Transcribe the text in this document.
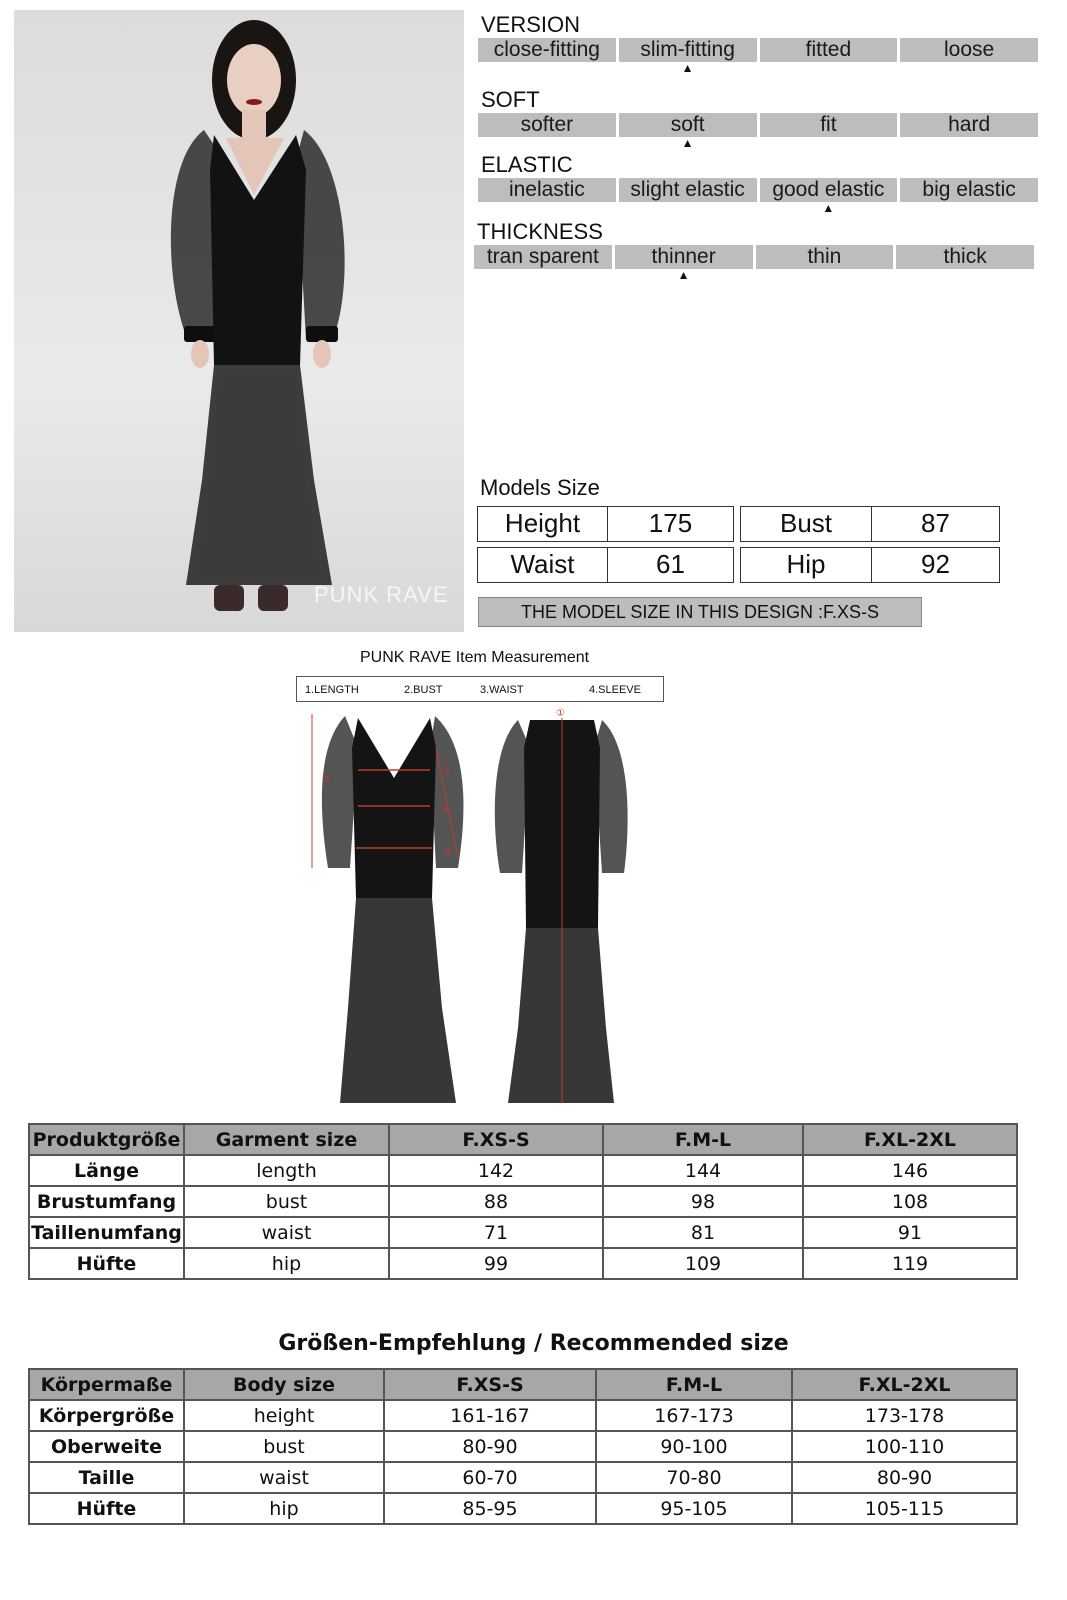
PUNK RAVE
VERSION
close-fitting	slim-fitting	fitted	loose
▲
SOFT
softer	soft	fit	hard
▲
ELASTIC
inelastic	slight elastic	good elastic	big elastic
▲
THICKNESS
tran sparent	thinner	thin	thick
▲
Models Size
Height	175	Bust	87
Waist	61	Hip	92
THE MODEL SIZE IN THIS DESIGN :F.XS-S
PUNK RAVE Item Measurement
1.LENGTH	2.BUST	3.WAIST	4.SLEEVE
⑤
②
③
④
①
Produktgröße	Garment size	F.XS-S	F.M-L	F.XL-2XL
Länge	length	142	144	146
Brustumfang	bust	88	98	108
Taillenumfang	waist	71	81	91
Hüfte	hip	99	109	119
Größen-Empfehlung / Recommended size
Körpermaße	Body size	F.XS-S	F.M-L	F.XL-2XL
Körpergröße	height	161-167	167-173	173-178
Oberweite	bust	80-90	90-100	100-110
Taille	waist	60-70	70-80	80-90
Hüfte	hip	85-95	95-105	105-115
